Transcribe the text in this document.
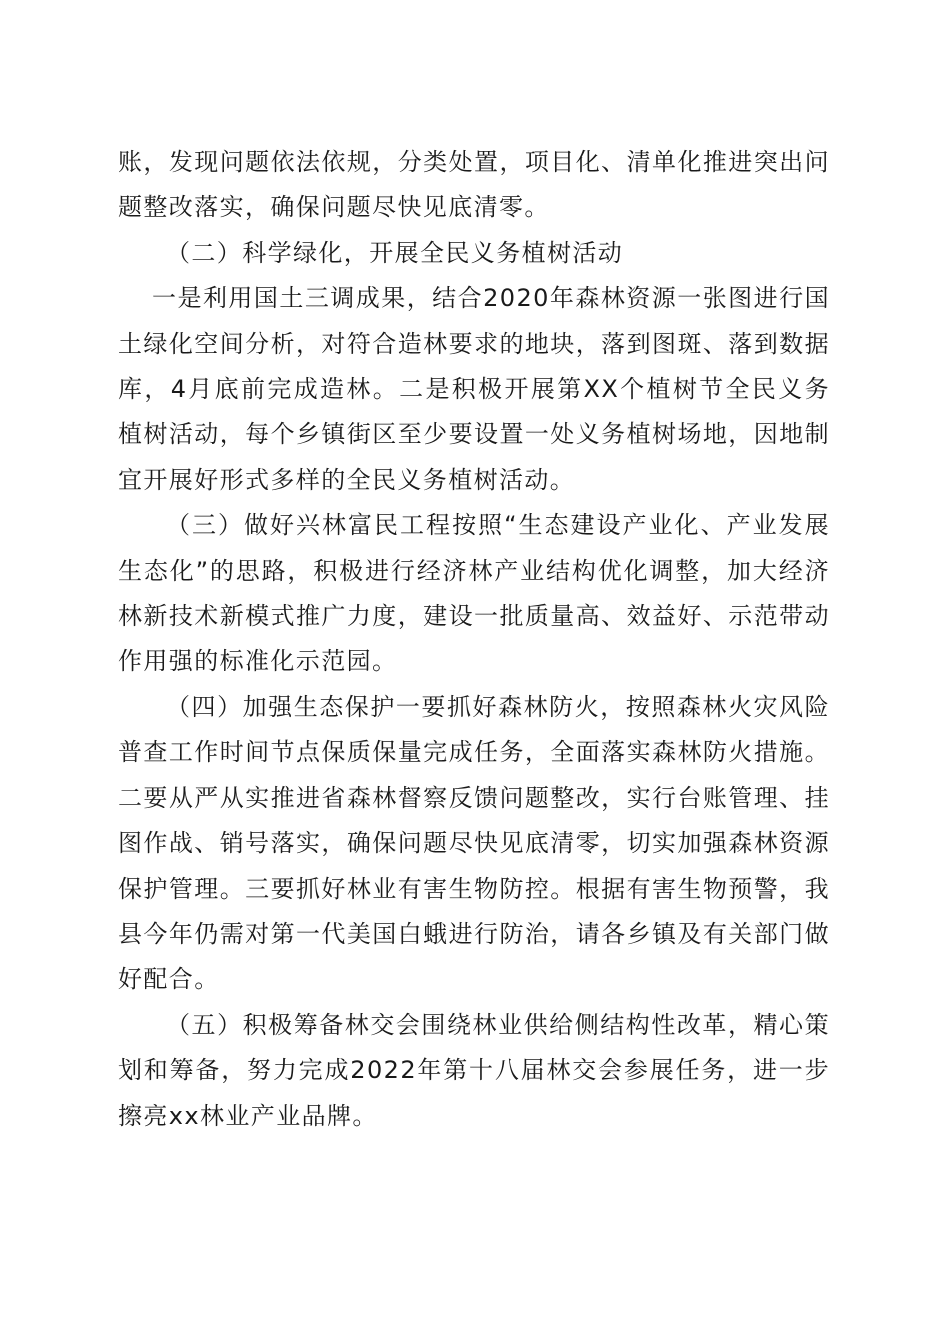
账，发现问题依法依规，分类处置，项目化、清单化推进突出问题整改落实，确保问题尽快见底清零。

（二）科学绿化，开展全民义务植树活动

一是利用国土三调成果，结合2020年森林资源一张图进行国土绿化空间分析，对符合造林要求的地块，落到图斑、落到数据库，4月底前完成造林。二是积极开展第XX个植树节全民义务植树活动，每个乡镇街区至少要设置一处义务植树场地，因地制宜开展好形式多样的全民义务植树活动。

（三）做好兴林富民工程按照“生态建设产业化、产业发展生态化”的思路，积极进行经济林产业结构优化调整，加大经济林新技术新模式推广力度，建设一批质量高、效益好、示范带动作用强的标准化示范园。

（四）加强生态保护一要抓好森林防火，按照森林火灾风险普查工作时间节点保质保量完成任务，全面落实森林防火措施。二要从严从实推进省森林督察反馈问题整改，实行台账管理、挂图作战、销号落实，确保问题尽快见底清零，切实加强森林资源保护管理。三要抓好林业有害生物防控。根据有害生物预警，我县今年仍需对第一代美国白蛾进行防治，请各乡镇及有关部门做好配合。

（五）积极筹备林交会围绕林业供给侧结构性改革，精心策划和筹备，努力完成2022年第十八届林交会参展任务，进一步擦亮xx林业产业品牌。
